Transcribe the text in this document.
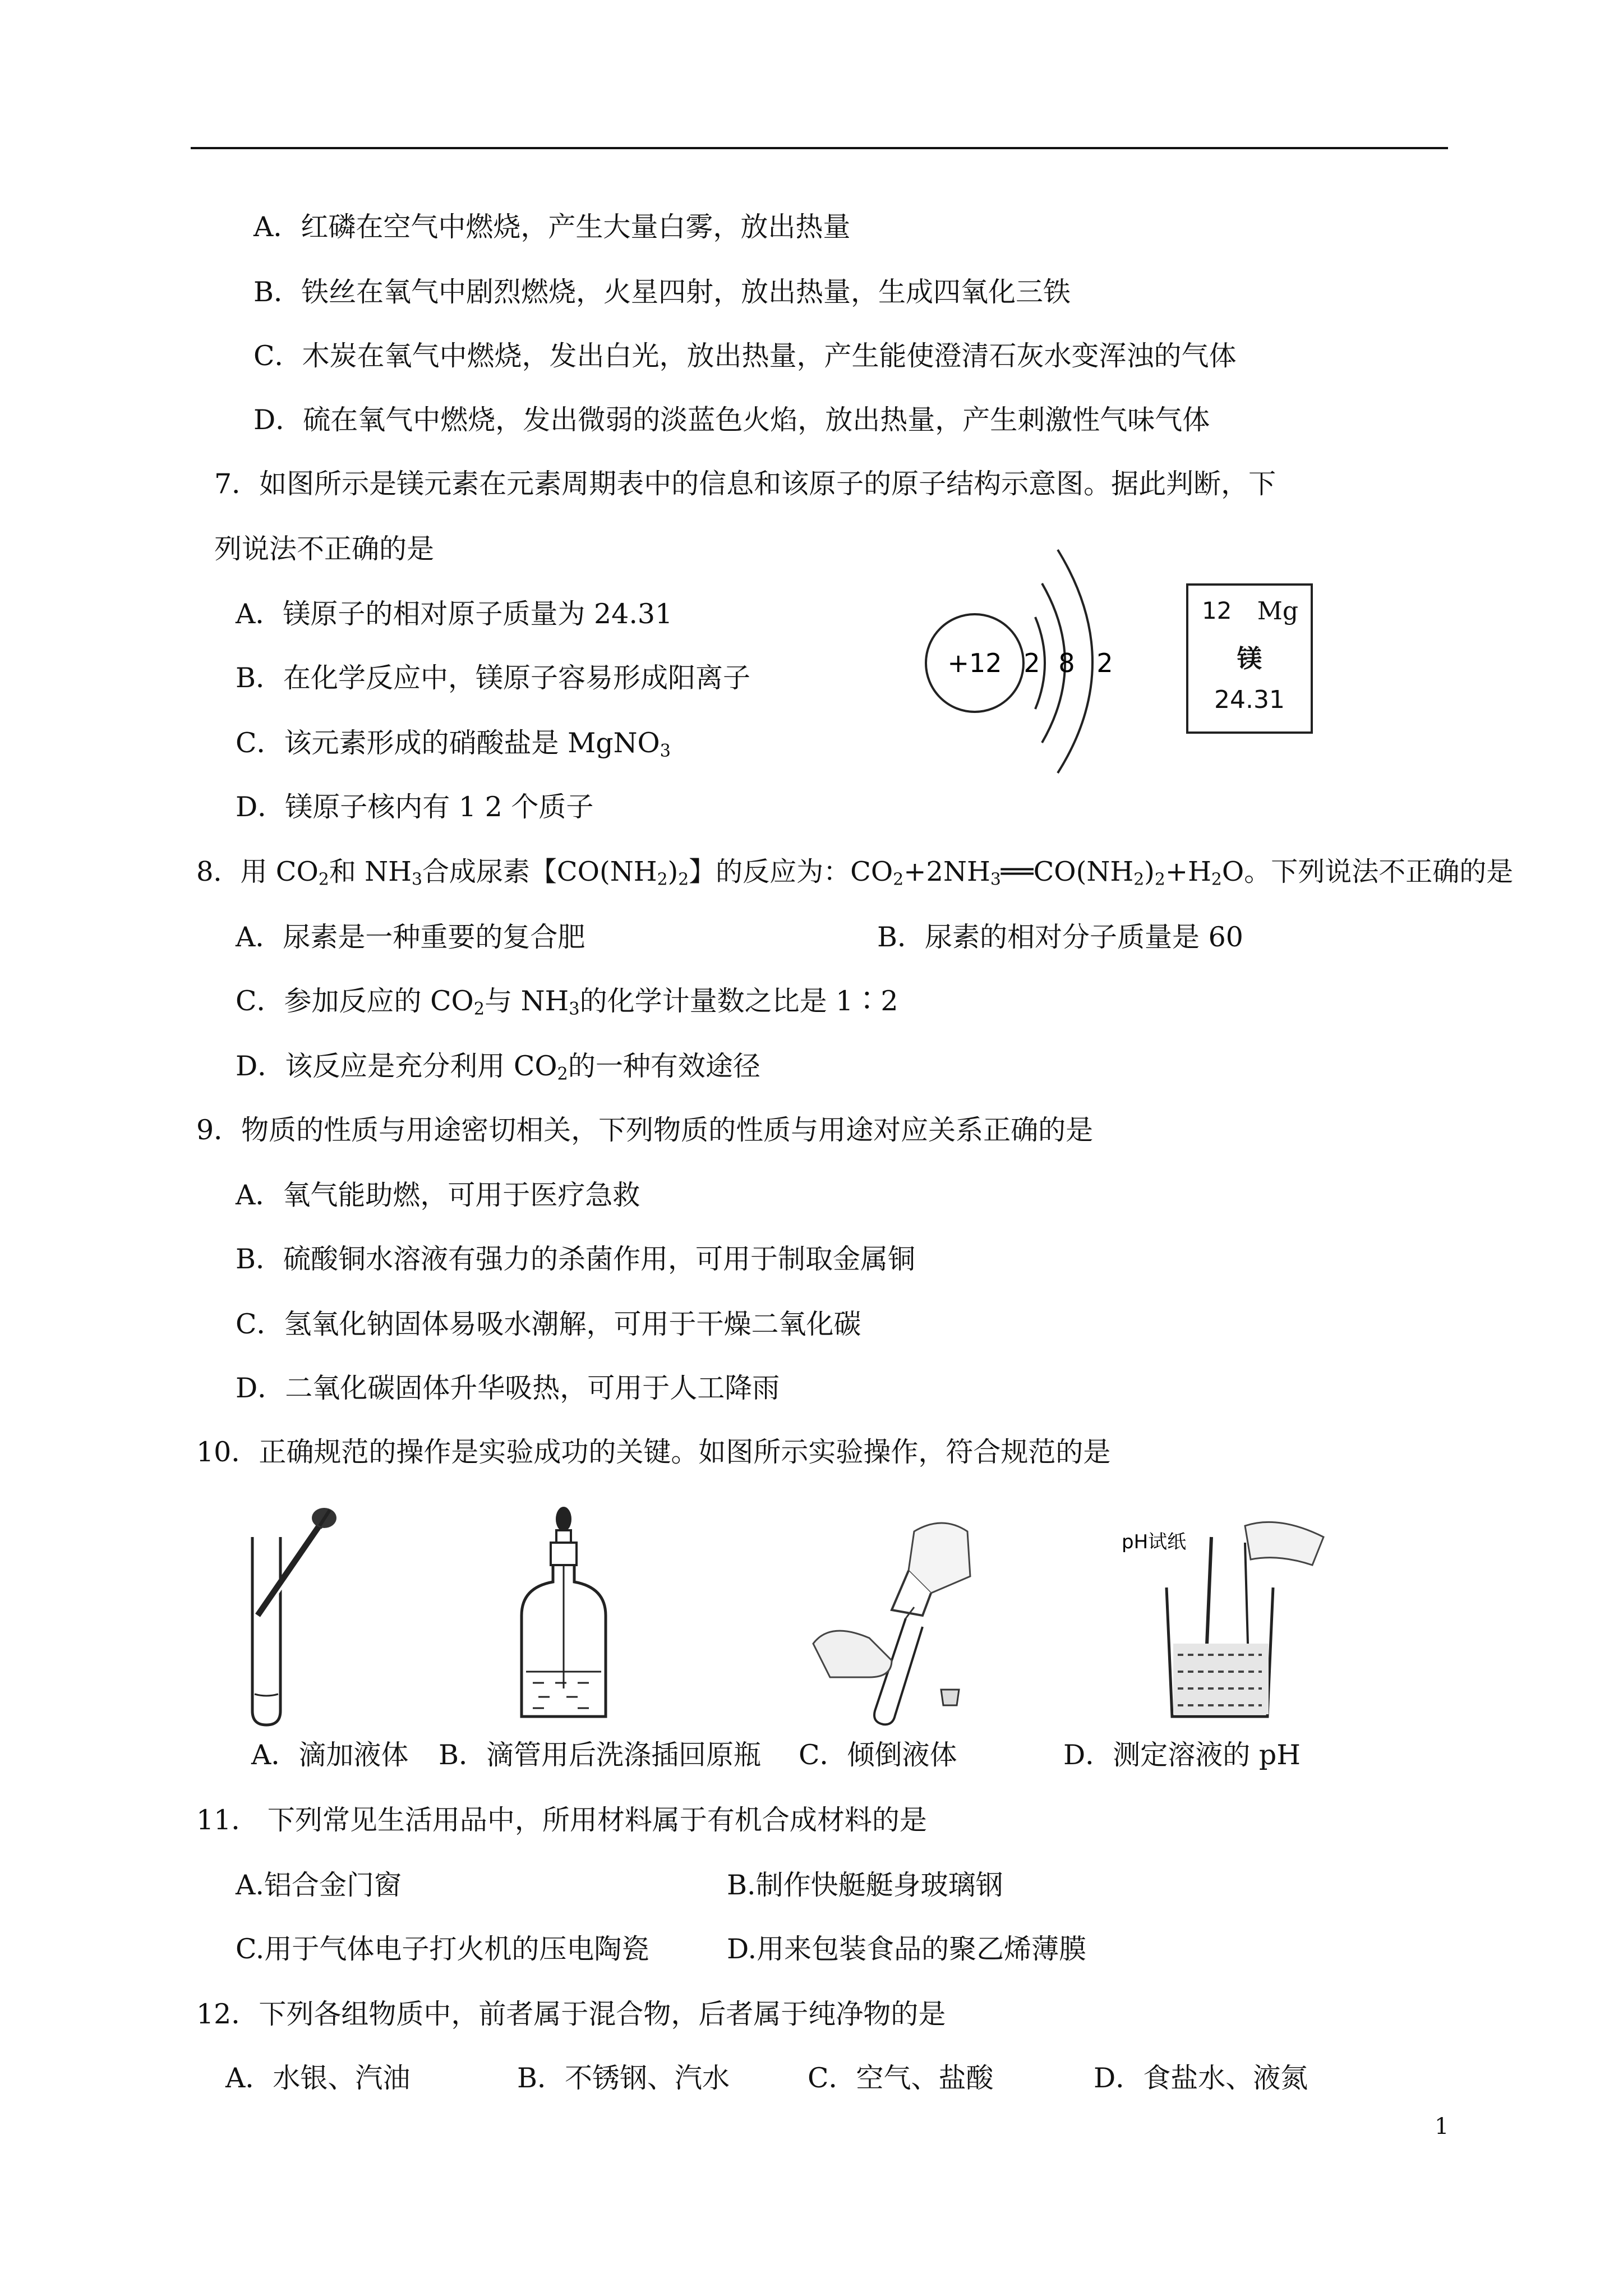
A．红磷在空气中燃烧，产生大量白雾，放出热量
B．铁丝在氧气中剧烈燃烧，火星四射，放出热量，生成四氧化三铁
C．木炭在氧气中燃烧，发出白光，放出热量，产生能使澄清石灰水变浑浊的气体
D．硫在氧气中燃烧，发出微弱的淡蓝色火焰，放出热量，产生刺激性气味气体
7．如图所示是镁元素在元素周期表中的信息和该原子的原子结构示意图。据此判断，下
列说法不正确的是
A．镁原子的相对原子质量为 24.31
B．在化学反应中，镁原子容易形成阳离子
C．该元素形成的硝酸盐是 MgNO$_3$
D．镁原子核内有 1 2 个质子
+12 2 8 2
12 Mg
镁
24.31
8．用 $CO_2$和 $NH_3$合成尿素【$CO(NH_2)_2$】的反应为：$CO_2+2NH_3══CO(NH_2)_2+H_2O$。下列说法不正确的是
A．尿素是一种重要的复合肥	B．尿素的相对分子质量是 60
C．参加反应的 $CO_2$与 $NH_3$的化学计量数之比是 1∶2
D．该反应是充分利用 $CO_2$的一种有效途径
9．物质的性质与用途密切相关，下列物质的性质与用途对应关系正确的是
A．氧气能助燃，可用于医疗急救
B．硫酸铜水溶液有强力的杀菌作用，可用于制取金属铜
C．氢氧化钠固体易吸水潮解，可用于干燥二氧化碳
D．二氧化碳固体升华吸热，可用于人工降雨
10．正确规范的操作是实验成功的关键。如图所示实验操作，符合规范的是
pH试纸
A．滴加液体 B．滴管用后洗涤插回原瓶 C．倾倒液体	D．测定溶液的 pH
11． 下列常见生活用品中，所用材料属于有机合成材料的是
A.铝合金门窗	B.制作快艇艇身玻璃钢
C.用于气体电子打火机的压电陶瓷	D.用来包装食品的聚乙烯薄膜
12．下列各组物质中，前者属于混合物，后者属于纯净物的是
A．水银、汽油	B．不锈钢、汽水	C．空气、盐酸	D．食盐水、液氮
1
